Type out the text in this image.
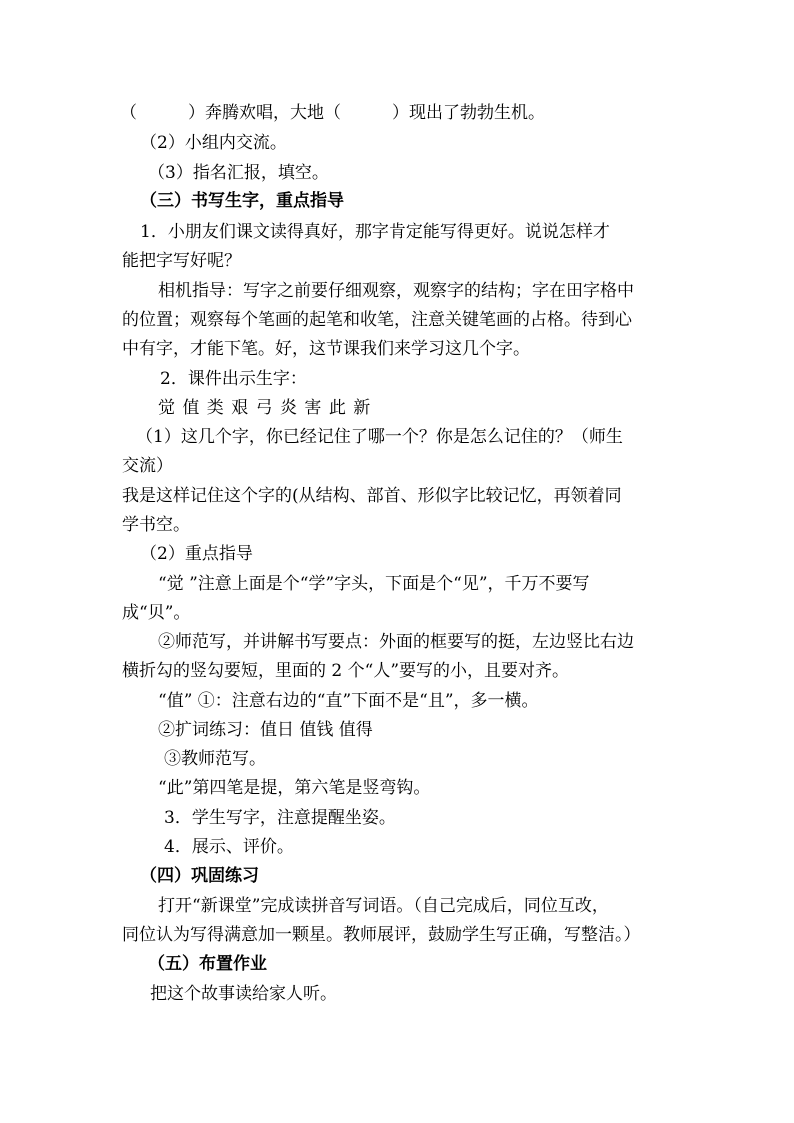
（　　　）奔腾欢唱，大地（　　　）现出了勃勃生机。
（2）小组内交流。
（3）指名汇报，填空。
（三）书写生字，重点指导
1．小朋友们课文读得真好，那字肯定能写得更好。说说怎样才
能把字写好呢？
相机指导：写字之前要仔细观察，观察字的结构；字在田字格中
的位置；观察每个笔画的起笔和收笔，注意关键笔画的占格。待到心
中有字，才能下笔。好，这节课我们来学习这几个字。
2．课件出示生字：
觉 值 类 艰 弓 炎 害 此 新
（1）这几个字，你已经记住了哪一个？你是怎么记住的？（师生
交流）
我是这样记住这个字的(从结构、部首、形似字比较记忆，再领着同
学书空。
（2）重点指导
“觉 ”注意上面是个“学”字头，下面是个“见”，千万不要写
成“贝”。
②师范写，并讲解书写要点：外面的框要写的挺，左边竖比右边
横折勾的竖勾要短，里面的 2 个“人”要写的小，且要对齐。
“值” ①：注意右边的“直”下面不是“且”，多一横。
②扩词练习：值日 值钱 值得
③教师范写。
“此”第四笔是提，第六笔是竖弯钩。
3．学生写字，注意提醒坐姿。
4．展示、评价。
（四）巩固练习
打开“新课堂”完成读拼音写词语。（自己完成后，同位互改，
同位认为写得满意加一颗星。教师展评，鼓励学生写正确，写整洁。）
（五）布置作业
把这个故事读给家人听。
